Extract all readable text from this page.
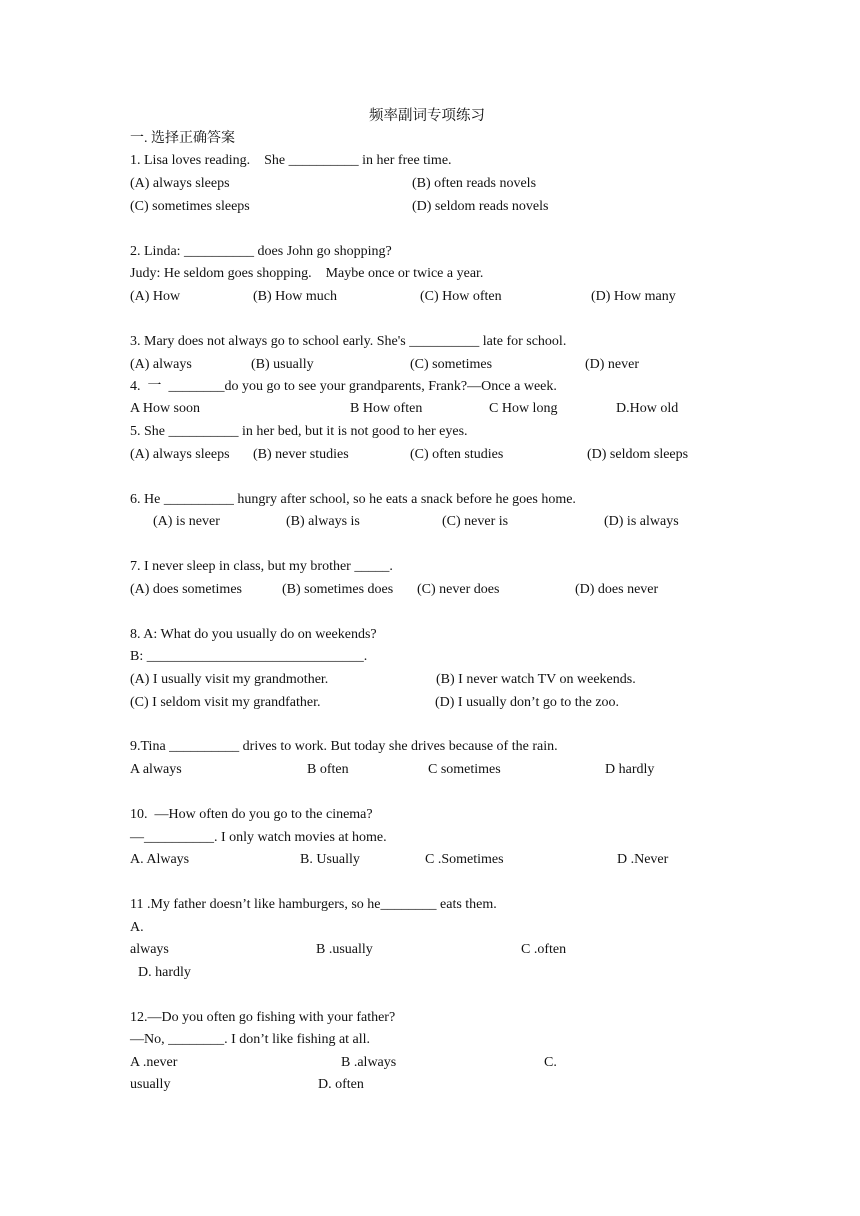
频率副词专项练习
一. 选择正确答案
1. Lisa loves reading.    She __________ in her free time.
(A) always sleeps	(B) often reads novels
(C) sometimes sleeps	(D) seldom reads novels
2. Linda: __________ does John go shopping?
Judy: He seldom goes shopping.    Maybe once or twice a year.
(A) How	(B) How much	(C) How often	(D) How many
3. Mary does not always go to school early. She's __________ late for school.
(A) always	(B) usually	(C) sometimes	(D) never
4.  一  ________do you go to see your grandparents, Frank?—Once a week.
A How soon	B How often	C How long	D.How old
5. She __________ in her bed, but it is not good to her eyes.
(A) always sleeps (B) never studies	(C) often studies	(D) seldom sleeps
6. He __________ hungry after school, so he eats a snack before he goes home.
(A) is never	(B) always is	(C) never is	(D) is always
7. I never sleep in class, but my brother _____.
(A) does sometimes	(B) sometimes does (C) never does	(D) does never
8. A: What do you usually do on weekends?
B: _______________________________.
(A) I usually visit my grandmother.	(B) I never watch TV on weekends.
(C) I seldom visit my grandfather.	(D) I usually don’t go to the zoo.
9.Tina __________ drives to work. But today she drives because of the rain.
A always	B often	C sometimes	D hardly
10.  —How often do you go to the cinema?
—__________. I only watch movies at home.
A. Always	B. Usually	C .Sometimes	D .Never
11 .My father doesn’t like hamburgers, so he________ eats them.
A.
always	B .usually	C .often
D. hardly
12.—Do you often go fishing with your father?
—No, ________. I don’t like fishing at all.
A .never	B .always	C.
usually	D. often
